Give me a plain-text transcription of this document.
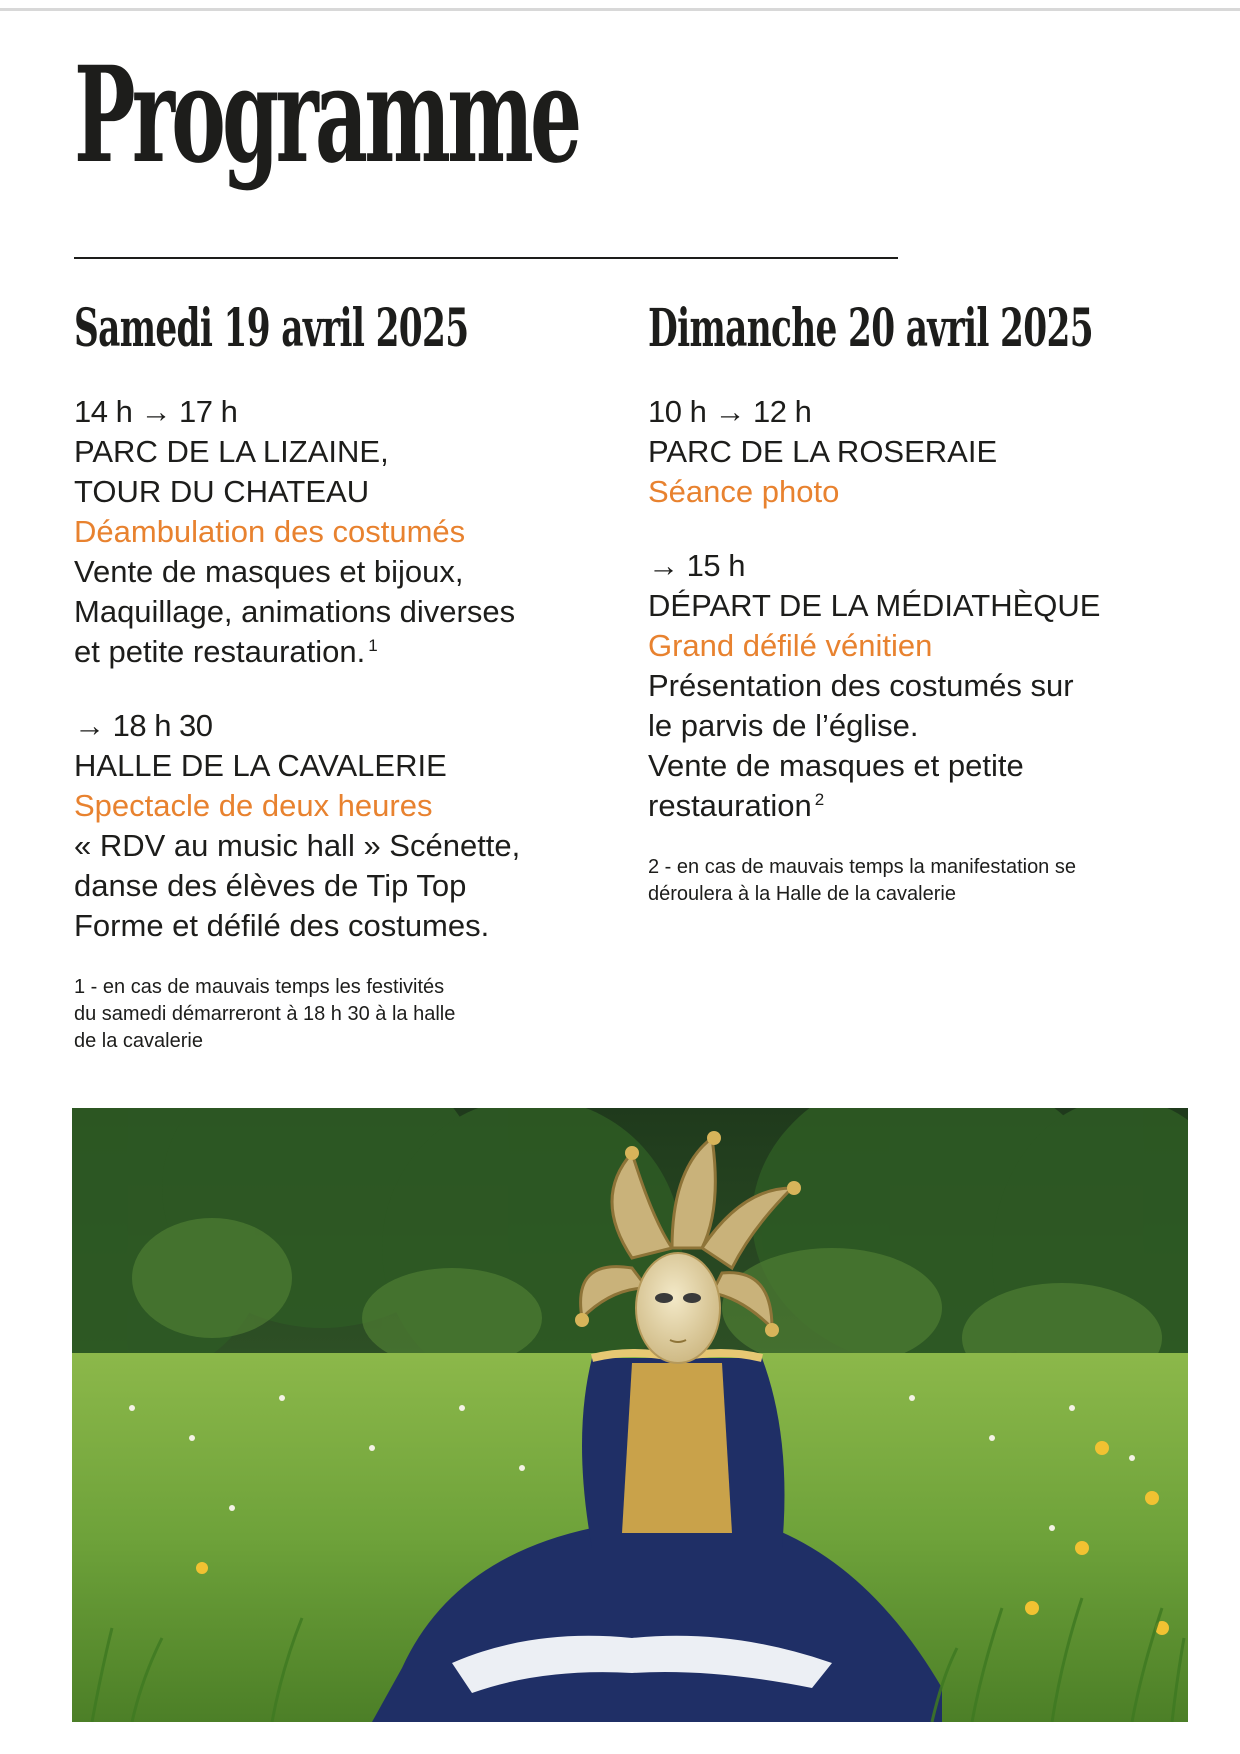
Programme
Samedi 19 avril 2025
14 h → 17 h
PARC DE LA LIZAINE,
TOUR DU CHATEAU
Déambulation des costumés
Vente de masques et bijoux,
Maquillage, animations diverses
et petite restauration. $^1$
→ 18 h 30
HALLE DE LA CAVALERIE
Spectacle de deux heures
« RDV au music hall » Scénette,
danse des élèves de Tip Top
Forme et défilé des costumes.
1 - en cas de mauvais temps les festivités
du samedi démarreront à 18 h 30 à la halle
de la cavalerie
Dimanche 20 avril 2025
10 h → 12 h
PARC DE LA ROSERAIE
Séance photo
→ 15 h
DÉPART DE LA MÉDIATHÈQUE
Grand défilé vénitien
Présentation des costumés sur
le parvis de l’église.
Vente de masques et petite
restauration $^2$
2 - en cas de mauvais temps la manifestation se
déroulera à la Halle de la cavalerie
